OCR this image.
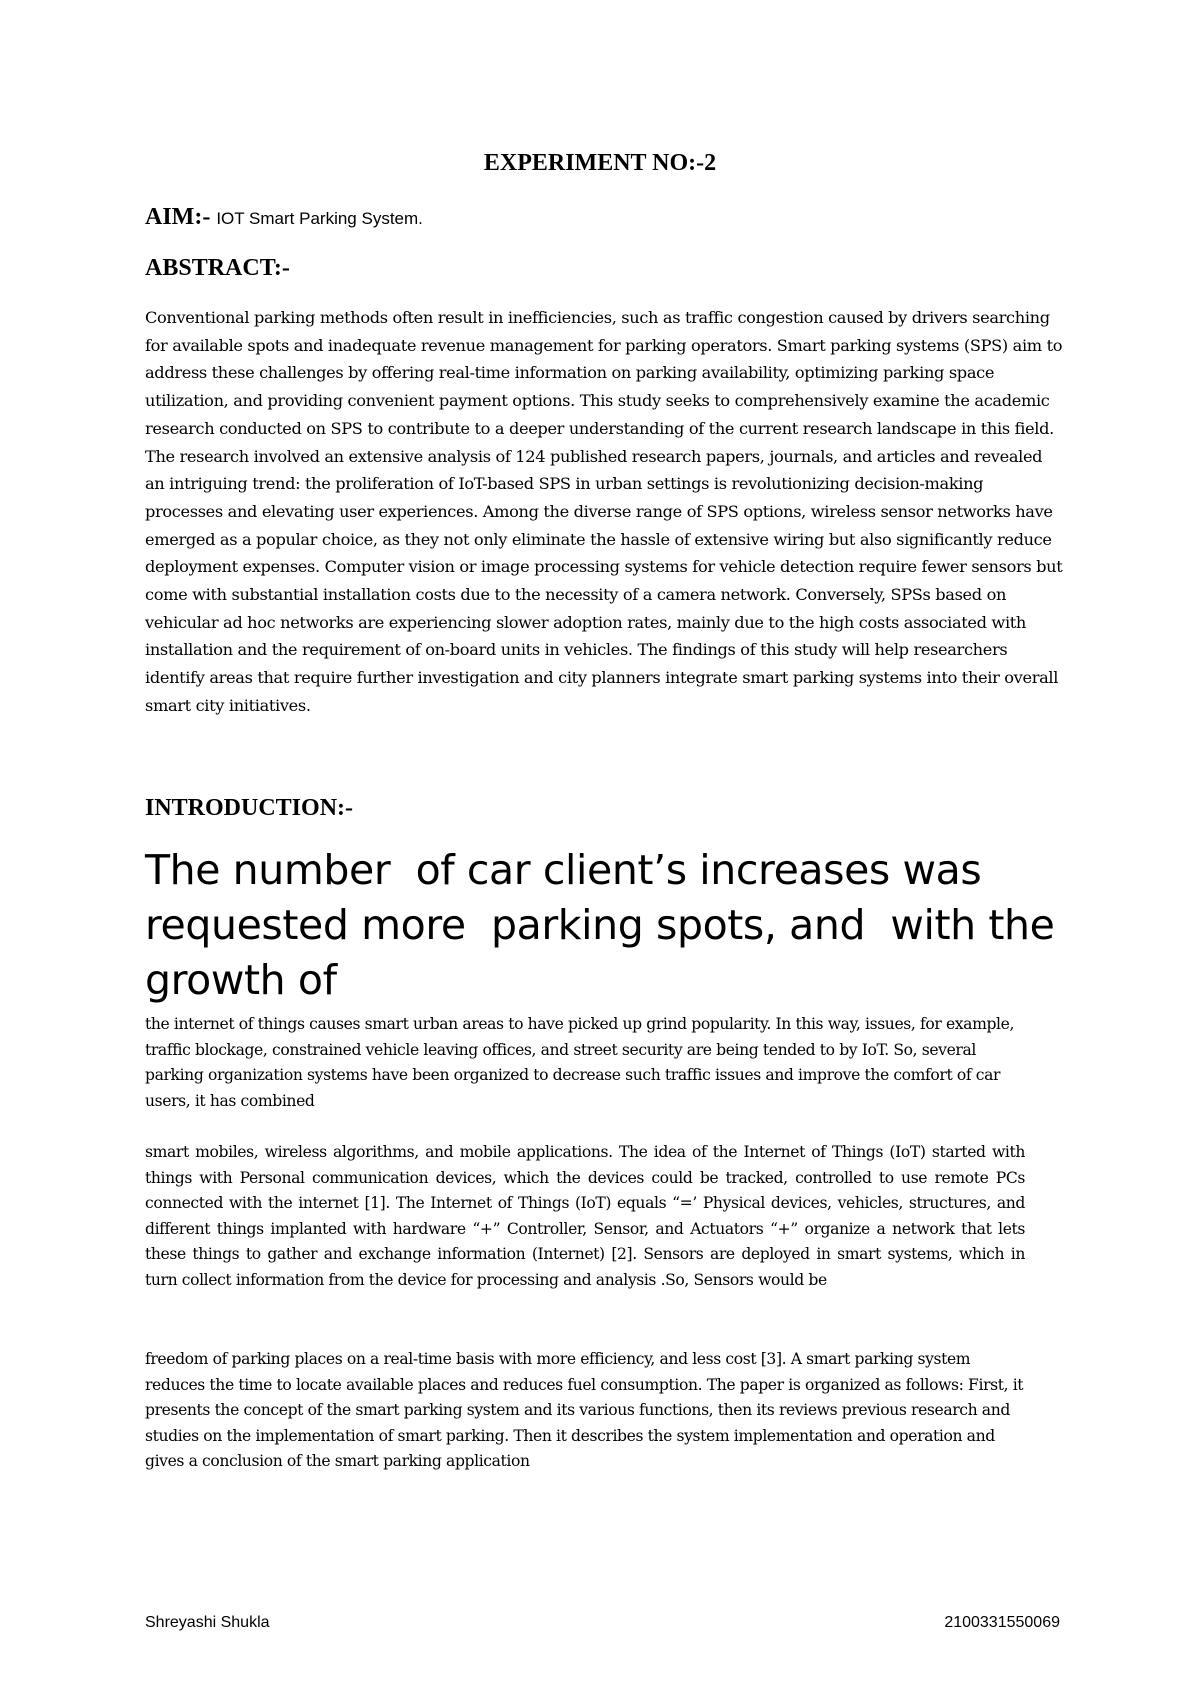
EXPERIMENT NO:-2
AIM:- IOT Smart Parking System.
ABSTRACT:-

Conventional parking methods often result in inefficiencies, such as traffic congestion caused by drivers searching for available spots and inadequate revenue management for parking operators. Smart parking systems (SPS) aim to address these challenges by offering real-time information on parking availability, optimizing parking space utilization, and providing convenient payment options. This study seeks to comprehensively examine the academic research conducted on SPS to contribute to a deeper understanding of the current research landscape in this field. The research involved an extensive analysis of 124 published research papers, journals, and articles and revealed an intriguing trend: the proliferation of IoT-based SPS in urban settings is revolutionizing decision-making processes and elevating user experiences. Among the diverse range of SPS options, wireless sensor networks have emerged as a popular choice, as they not only eliminate the hassle of extensive wiring but also significantly reduce deployment expenses. Computer vision or image processing systems for vehicle detection require fewer sensors but come with substantial installation costs due to the necessity of a camera network. Conversely, SPSs based on vehicular ad hoc networks are experiencing slower adoption rates, mainly due to the high costs associated with installation and the requirement of on-board units in vehicles. The findings of this study will help researchers identify areas that require further investigation and city planners integrate smart parking systems into their overall smart city initiatives.

INTRODUCTION:-

The number  of car client’s increases was  requested more  parking spots, and  with the  growth of

the internet of things causes smart urban areas to have picked up grind popularity. In this way, issues, for example, traffic blockage, constrained vehicle leaving offices, and street security are being tended to by IoT. So, several parking organization systems have been organized to decrease such traffic issues and improve the comfort of car users, it has combined

smart mobiles, wireless algorithms, and mobile applications. The idea of the Internet of Things (IoT) started with things with Personal communication devices, which the devices could be tracked, controlled to use remote PCs connected with the internet [1]. The Internet of Things (IoT) equals “=’ Physical devices, vehicles, structures, and different things implanted with hardware “+” Controller, Sensor, and Actuators “+” organize a network that lets these things to gather and exchange information (Internet) [2]. Sensors are deployed in smart systems, which in turn collect information from the device for processing and analysis .So, Sensors would be

freedom of parking places on a real-time basis with more efficiency, and less cost [3]. A smart parking system reduces the time to locate available places and reduces fuel consumption. The paper is organized as follows: First, it presents the concept of the smart parking system and its various functions, then its reviews previous research and studies on the implementation of smart parking. Then it describes the system implementation and operation and gives a conclusion of the smart parking application

Shreyashi Shukla	2100331550069
